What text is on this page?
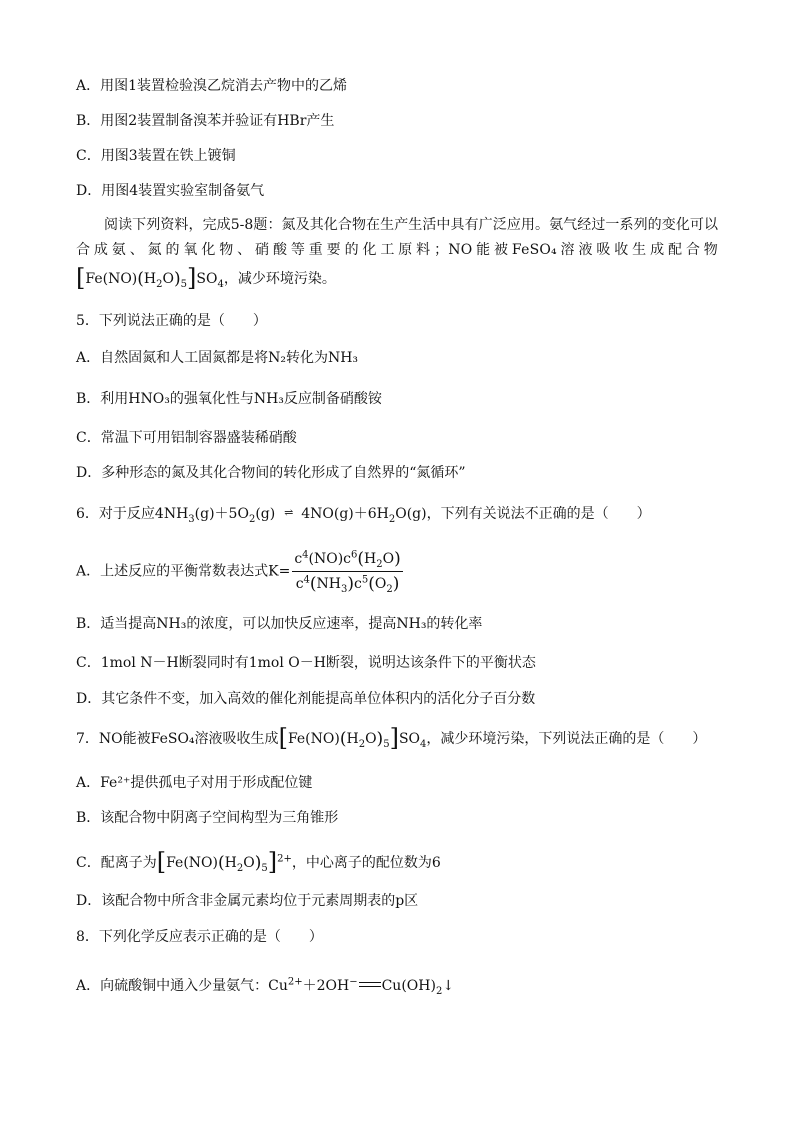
A．用图1装置检验溴乙烷消去产物中的乙烯
B．用图2装置制备溴苯并验证有HBr产生
C．用图3装置在铁上镀铜
D．用图4装置实验室制备氨气
阅读下列资料，完成5-8题：氮及其化合物在生产生活中具有广泛应用。氨气经过一系列的变化可以
合成氨、氮的氧化物、硝酸等重要的化工原料；NO能被FeSO₄溶液吸收生成配合物
$[Fe(NO)(H_2O)_5]SO_4$，减少环境污染。
5．下列说法正确的是（　　）
A．自然固氮和人工固氮都是将N₂转化为NH₃
B．利用HNO₃的强氧化性与NH₃反应制备硝酸铵
C．常温下可用铝制容器盛装稀硝酸
D．多种形态的氮及其化合物间的转化形成了自然界的“氮循环”
6．对于反应$4NH_3(g)+5O_2(g)$ ⇌ $4NO(g)+6H_2O(g)$，下列有关说法不正确的是（　　）
A．上述反应的平衡常数表达式$K= \frac{c^4(NO)c^6(H_2O)}{c^4(NH_3)c^5(O_2)}$
B．适当提高NH₃的浓度，可以加快反应速率，提高NH₃的转化率
C．1mol N－H断裂同时有1mol O－H断裂，说明达该条件下的平衡状态
D．其它条件不变，加入高效的催化剂能提高单位体积内的活化分子百分数
7．NO能被FeSO₄溶液吸收生成$[Fe(NO)(H_2O)_5]SO_4$，减少环境污染，下列说法正确的是（　　）
A．Fe²⁺提供孤电子对用于形成配位键
B．该配合物中阴离子空间构型为三角锥形
C．配离子为$[Fe(NO)(H_2O)_5]^{2+}$，中心离子的配位数为6
D．该配合物中所含非金属元素均位于元素周期表的p区
8．下列化学反应表示正确的是（　　）
A．向硫酸铜中通入少量氨气：$Cu^{2+}+2OH^-$ $Cu(OH)_2↓$
